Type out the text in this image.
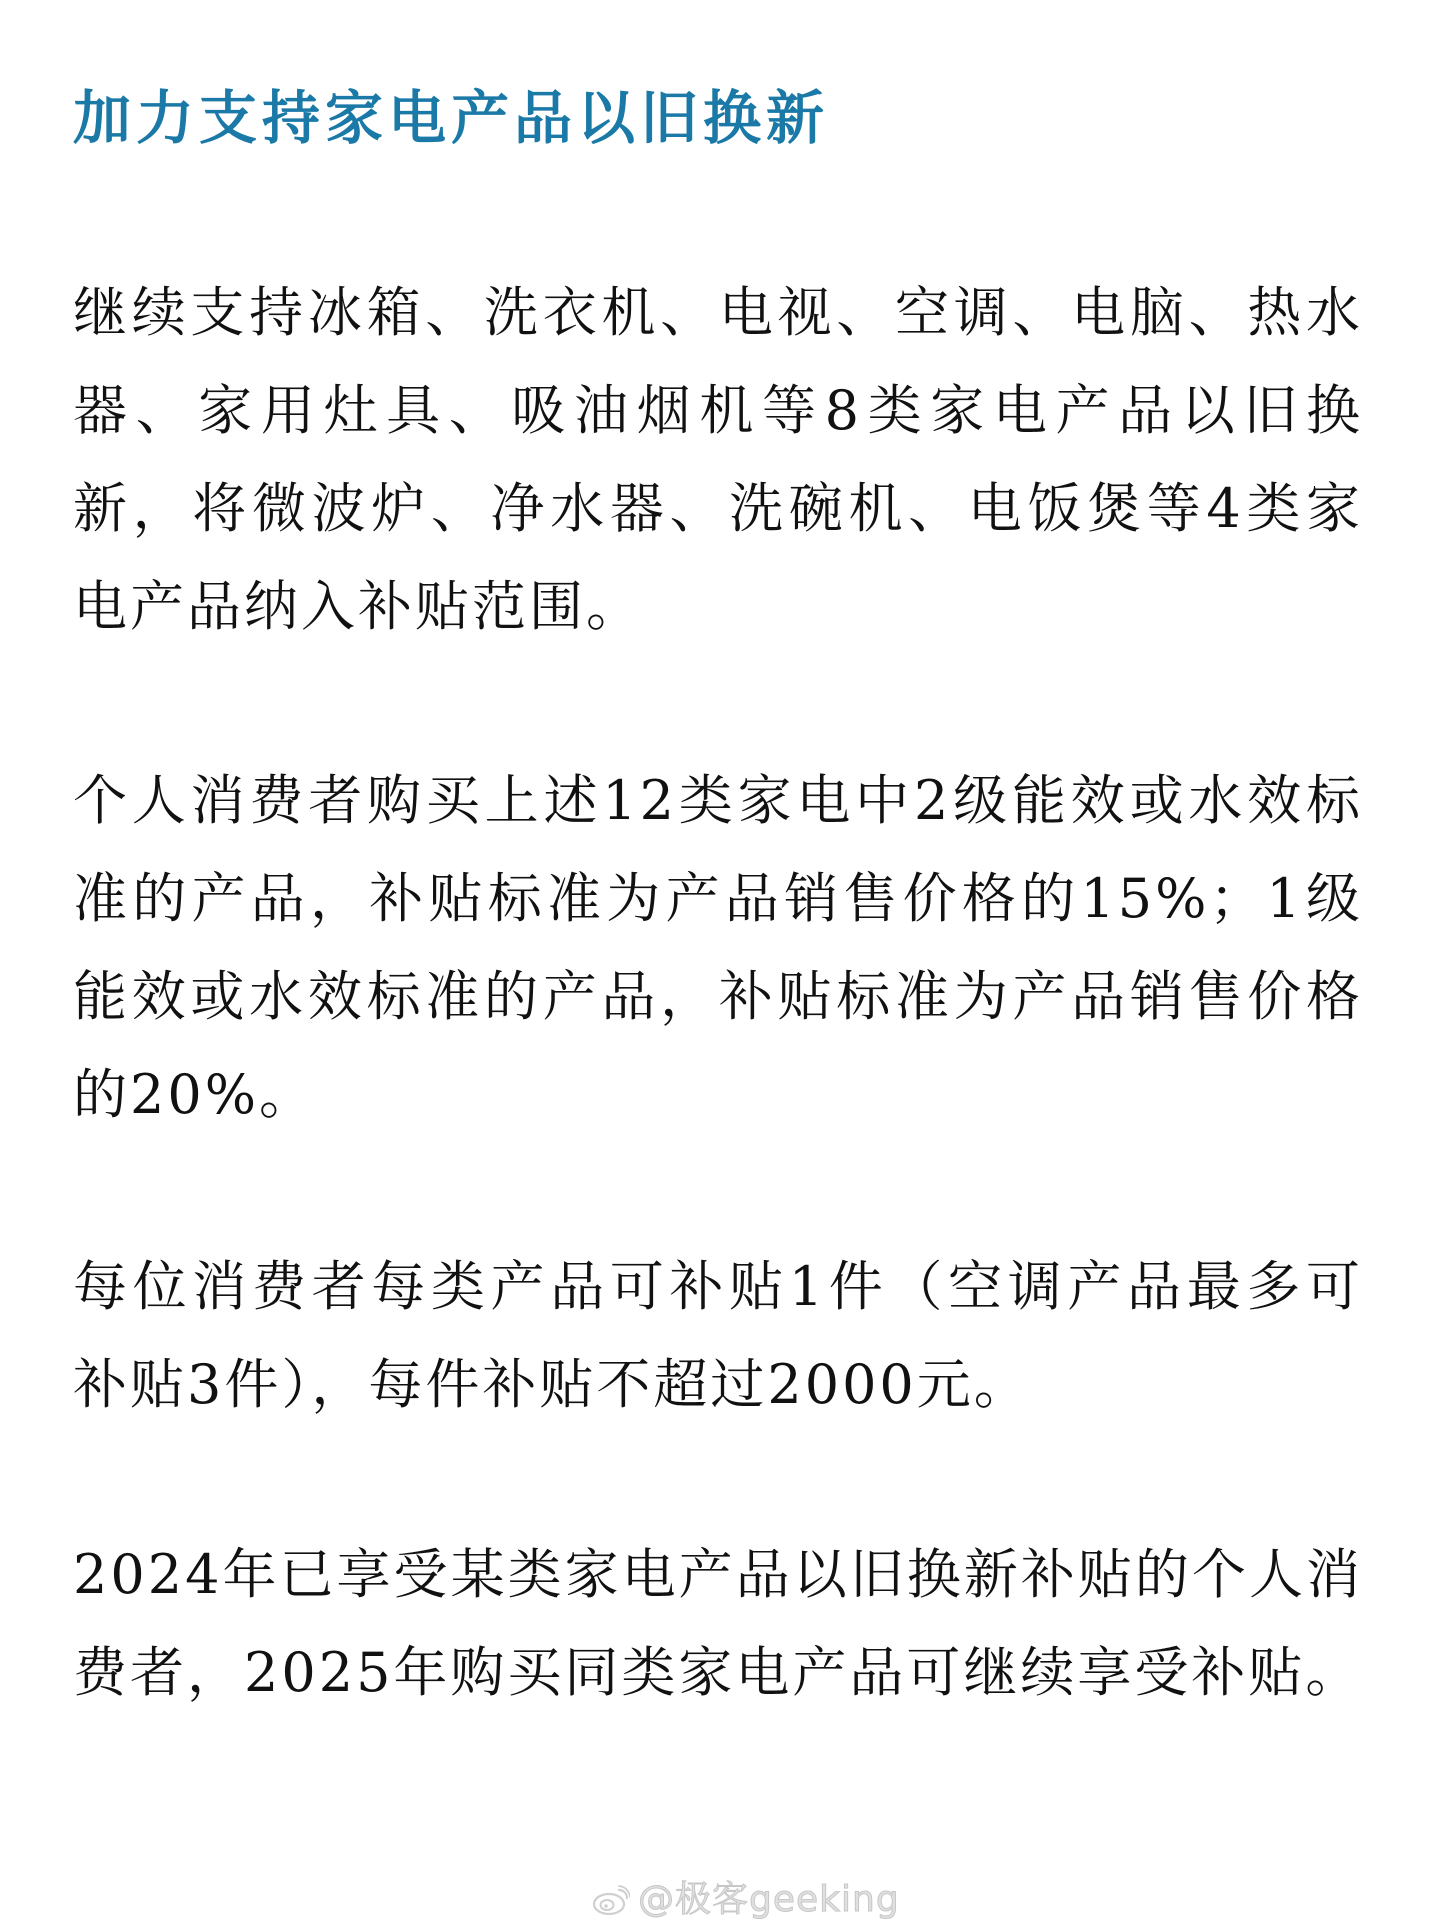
加力支持家电产品以旧换新

继续支持冰箱、洗衣机、电视、空调、电脑、热水器、家用灶具、吸油烟机等8类家电产品以旧换新，将微波炉、净水器、洗碗机、电饭煲等4类家电产品纳入补贴范围。

个人消费者购买上述12类家电中2级能效或水效标准的产品，补贴标准为产品销售价格的15%；1级能效或水效标准的产品，补贴标准为产品销售价格的20%。

每位消费者每类产品可补贴1件（空调产品最多可补贴3件），每件补贴不超过2000元。

2024年已享受某类家电产品以旧换新补贴的个人消费者，2025年购买同类家电产品可继续享受补贴。

@极客geeking
